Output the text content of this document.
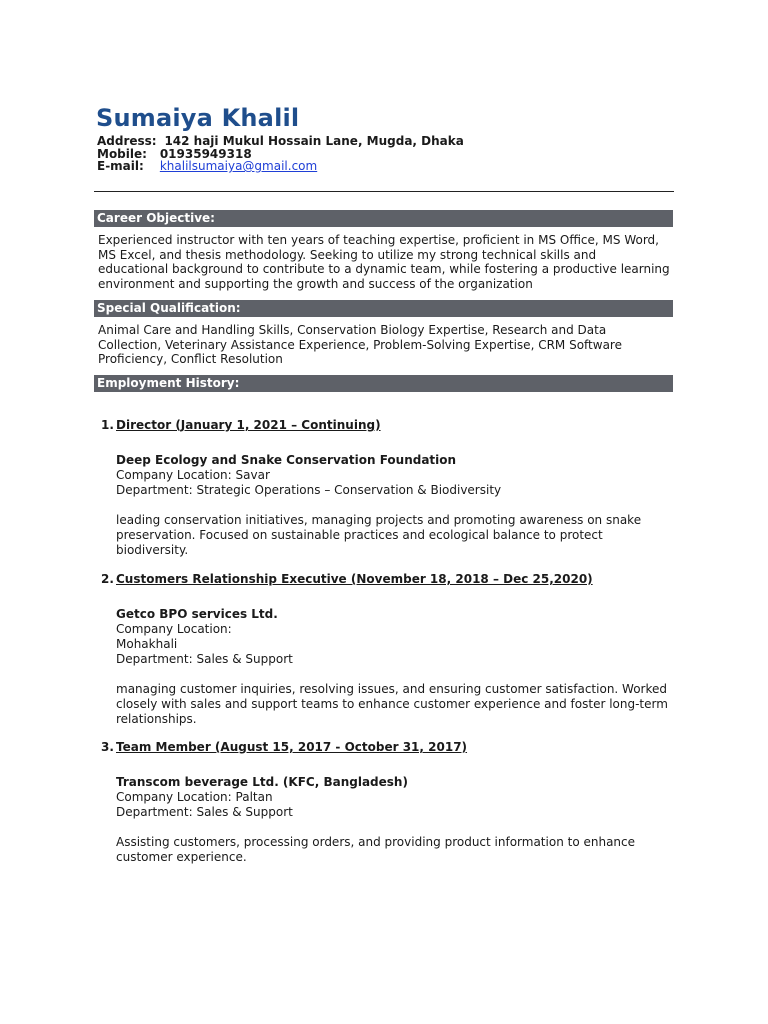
Sumaiya Khalil
Address: 142 haji Mukul Hossain Lane, Mugda, Dhaka
Mobile: 01935949318
E-mail: khalilsumaiya@gmail.com
Career Objective:
Experienced instructor with ten years of teaching expertise, proficient in MS Office, MS Word, MS Excel, and thesis methodology. Seeking to utilize my strong technical skills and educational background to contribute to a dynamic team, while fostering a productive learning environment and supporting the growth and success of the organization
Special Qualification:
Animal Care and Handling Skills, Conservation Biology Expertise, Research and Data Collection, Veterinary Assistance Experience, Problem-Solving Expertise, CRM Software Proficiency, Conflict Resolution
Employment History:
1. Director (January 1, 2021 – Continuing)
Deep Ecology and Snake Conservation Foundation
Company Location: Savar
Department: Strategic Operations – Conservation & Biodiversity
leading conservation initiatives, managing projects and promoting awareness on snake preservation. Focused on sustainable practices and ecological balance to protect biodiversity.
2. Customers Relationship Executive (November 18, 2018 – Dec 25,2020)
Getco BPO services Ltd.
Company Location:
Mohakhali
Department: Sales & Support
managing customer inquiries, resolving issues, and ensuring customer satisfaction. Worked closely with sales and support teams to enhance customer experience and foster long-term relationships.
3. Team Member (August 15, 2017 - October 31, 2017)
Transcom beverage Ltd. (KFC, Bangladesh)
Company Location: Paltan
Department: Sales & Support
Assisting customers, processing orders, and providing product information to enhance customer experience.
